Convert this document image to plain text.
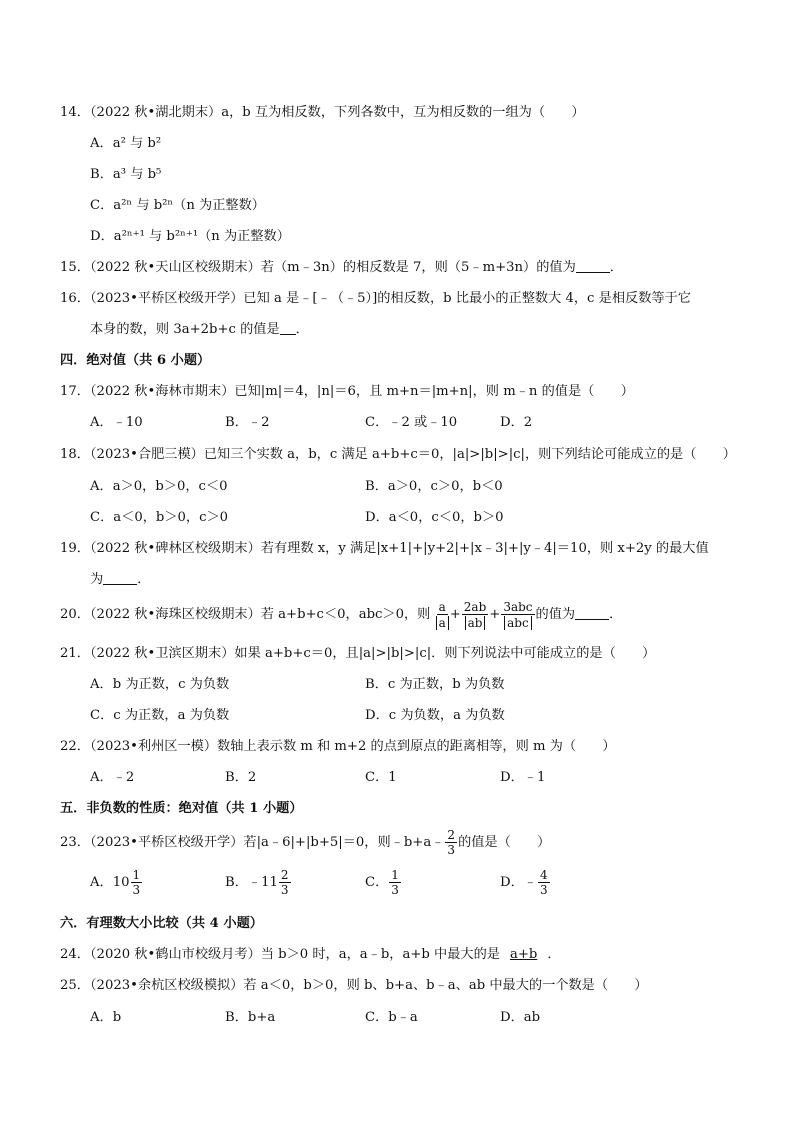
14．（2022 秋•湖北期末）a，b 互为相反数，下列各数中，互为相反数的一组为（　　）
A．a² 与 b²
B．a³ 与 b⁵
C．a²ⁿ 与 b²ⁿ（n 为正整数）
D．a²ⁿ⁺¹ 与 b²ⁿ⁺¹（n 为正整数）
15．（2022 秋•天山区校级期末）若（m﹣3n）的相反数是 7，则（5﹣m+3n）的值为	．
16．（2023•平桥区校级开学）已知 a 是﹣[﹣（﹣5）]的相反数，b 比最小的正整数大 4，c 是相反数等于它
本身的数，则 3a+2b+c 的值是 ．
四．绝对值（共 6 小题）
17．（2022 秋•海林市期末）已知|m|＝4，|n|＝6，且 m+n＝|m+n|，则 m﹣n 的值是（　　）
A．﹣10	B．﹣2	C．﹣2 或﹣10	D．2
18．（2023•合肥三模）已知三个实数 a，b，c 满足 a+b+c＝0，|a|>|b|>|c|，则下列结论可能成立的是（　　）
A．a＞0，b＞0，c＜0	B．a＞0，c＞0，b＜0
C．a＜0，b＞0，c＞0	D．a＜0，c＜0，b＞0
19．（2022 秋•碑林区校级期末）若有理数 x，y 满足|x+1|+|y+2|+|x﹣3|+|y﹣4|＝10，则 x+2y 的最大值
为	．
20．（2022 秋•海珠区校级期末）若 a+b+c＜0，abc＞0，则 $\frac{a}{a} + \frac{2ab}{ab} + \frac{\text{3abc}}{\text{abc}}$ 的值为	．
21．（2022 秋•卫滨区期末）如果 a+b+c＝0，且|a|>|b|>|c|．则下列说法中可能成立的是（　　）
A．b 为正数，c 为负数	B．c 为正数，b 为负数
C．c 为正数，a 为负数	D．c 为负数，a 为负数
22．（2023•利州区一模）数轴上表示数 m 和 m+2 的点到原点的距离相等，则 m 为（　　）
A．﹣2	B．2	C．1	D．﹣1
五．非负数的性质：绝对值（共 1 小题）
23．（2023•平桥区校级开学）若|a﹣6|+|b+5|＝0，则﹣b+a﹣ $\frac{2}{3}$ 的值是（　　）
A．$10 \frac{1}{3}$	B．﹣11 $\frac{2}{3}$	C． $\frac{1}{3}$	D．﹣ $\frac{4}{3}$
六．有理数大小比较（共 4 小题）
24．（2020 秋•鹤山市校级月考）当 b＞0 时，a，a﹣b，a+b 中最大的是 a+b ．
25．（2023•余杭区校级模拟）若 a＜0，b＞0，则 b、b+a、b﹣a、ab 中最大的一个数是（　　）
A．b	B．b+a	C．b﹣a	D．ab
